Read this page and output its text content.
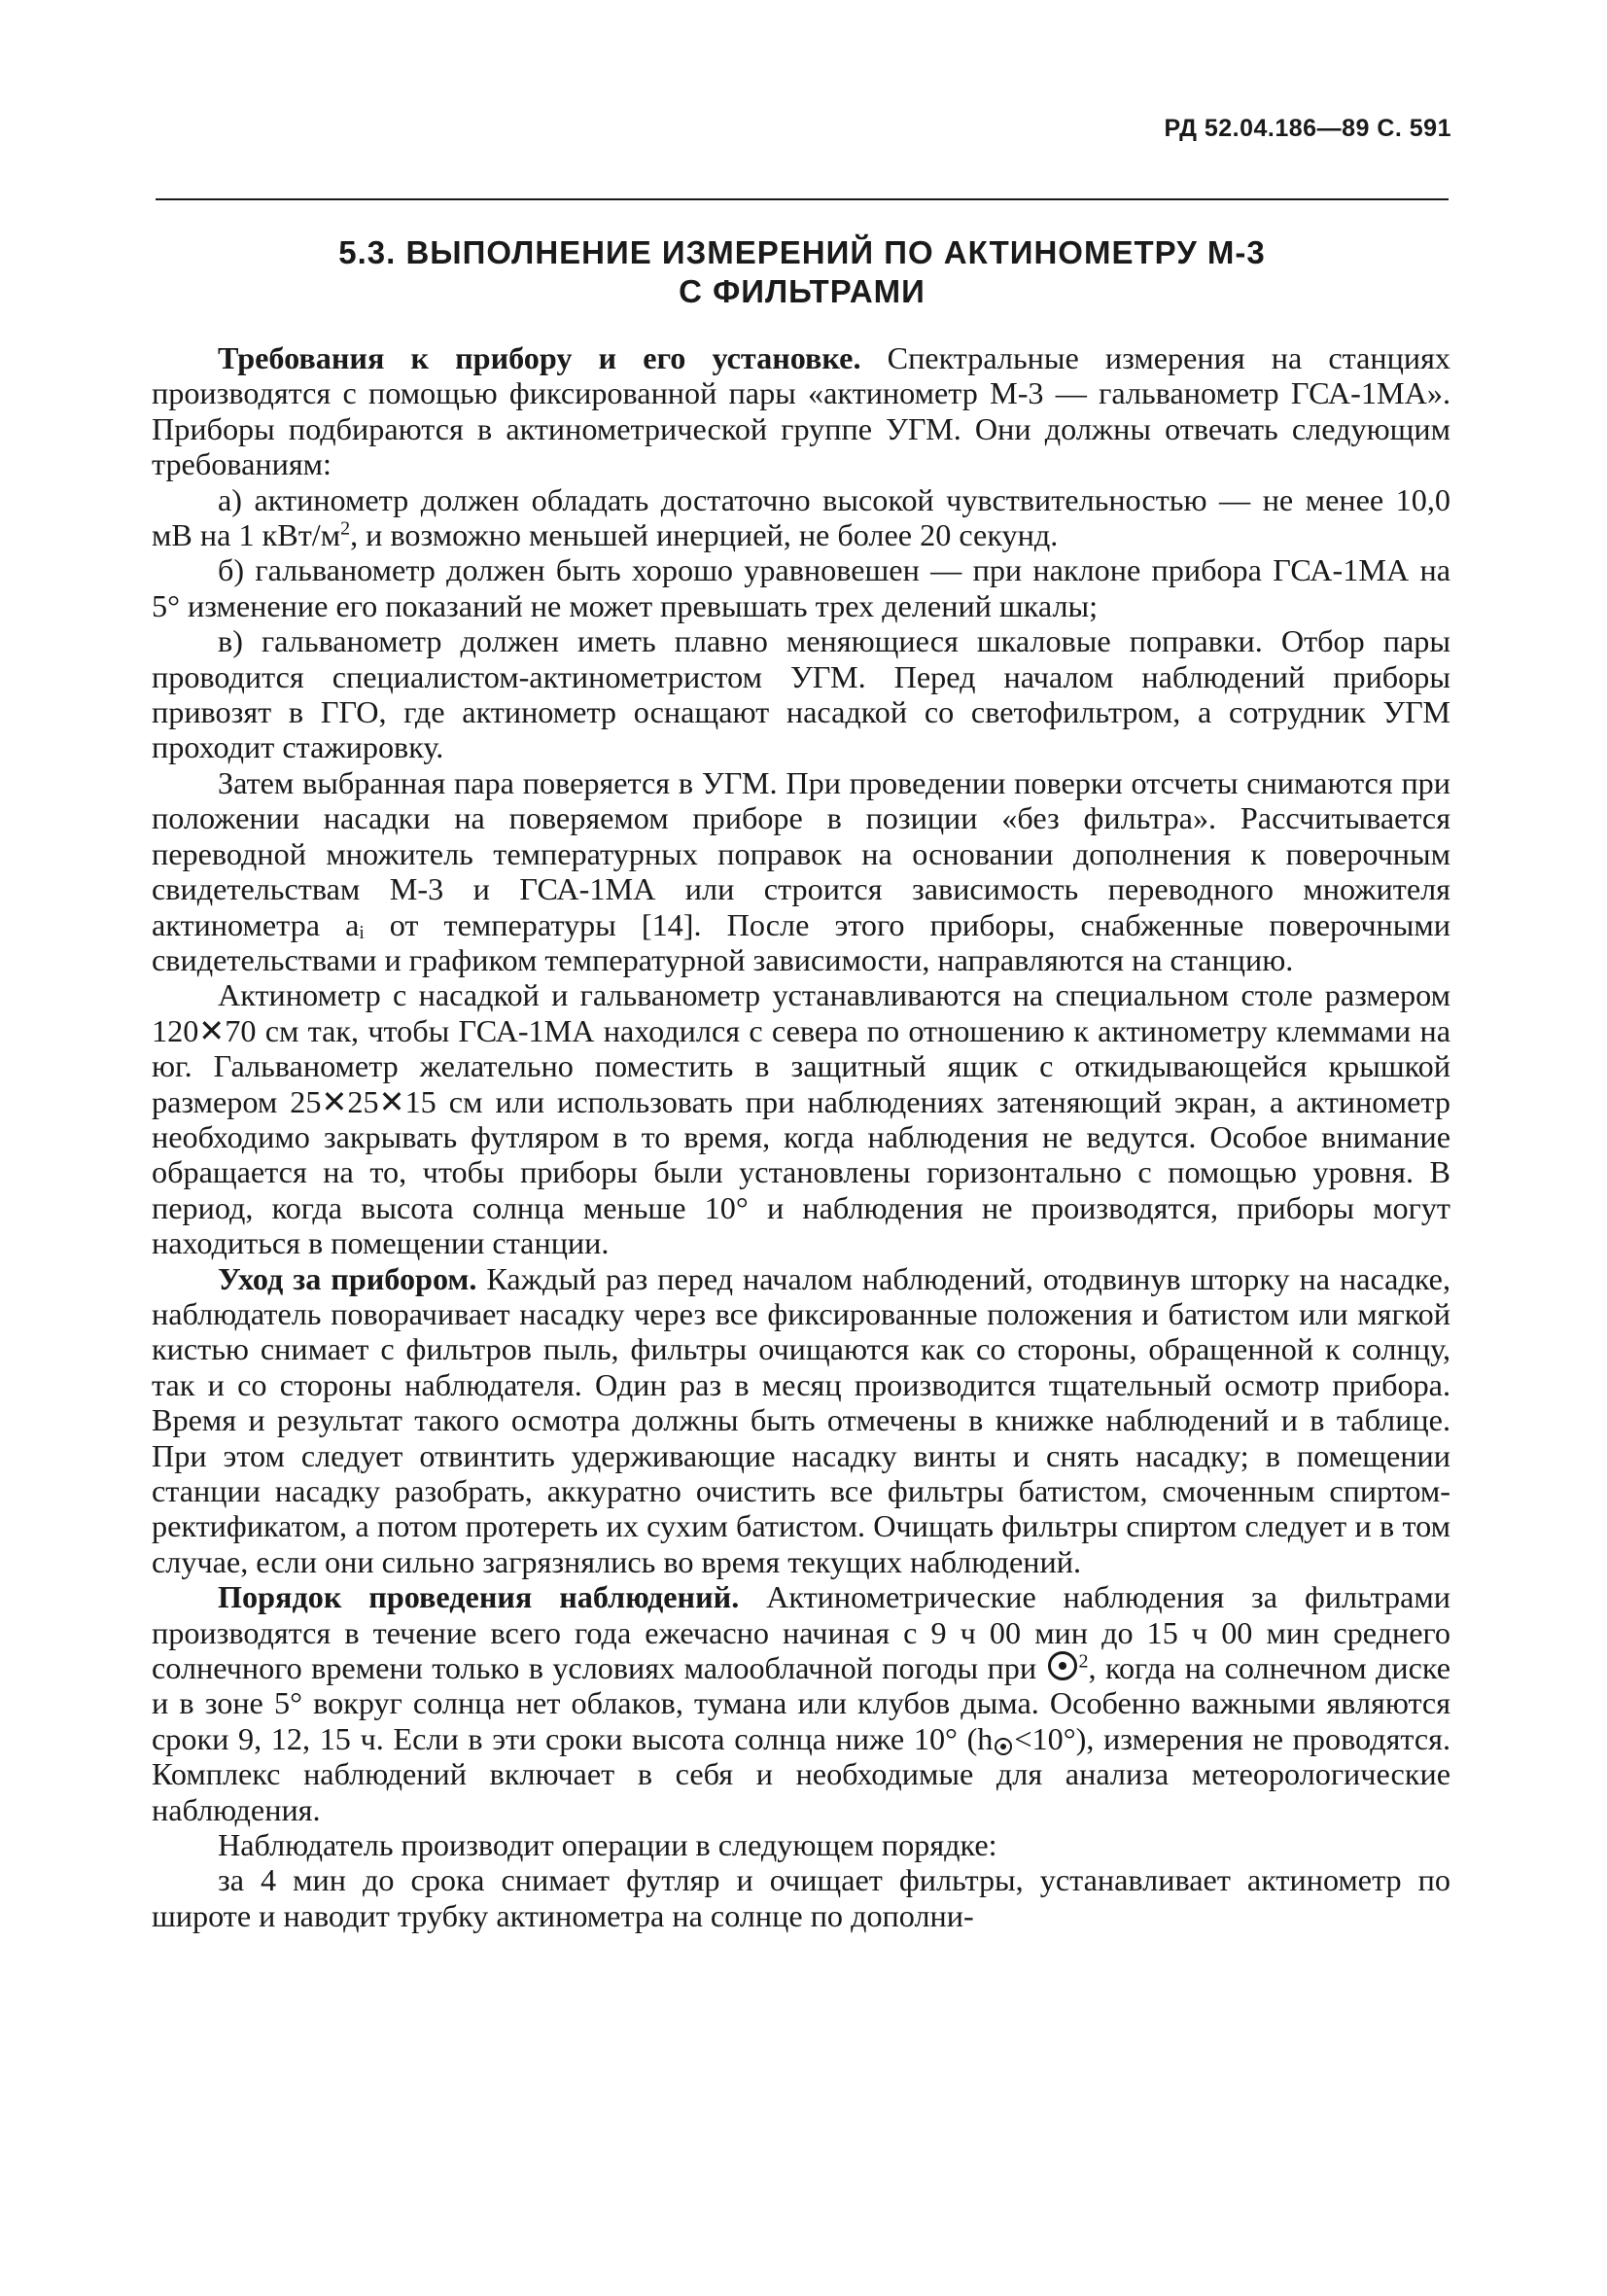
РД 52.04.186—89 С. 591
5.3. ВЫПОЛНЕНИЕ ИЗМЕРЕНИЙ ПО АКТИНОМЕТРУ М-3
С ФИЛЬТРАМИ

Требования к прибору и его установке. Спектральные измерения на станциях производятся с помощью фиксированной пары «актинометр М-3 — гальванометр ГСА-1МА». Приборы подбираются в актинометрической группе УГМ. Они должны отвечать следующим требованиям:

а) актинометр должен обладать достаточно высокой чувствительностью — не менее 10,0 мВ на 1 кВт/$м^2$, и возможно меньшей инерцией, не более 20 секунд.

б) гальванометр должен быть хорошо уравновешен — при наклоне прибора ГСА-1МА на 5° изменение его показаний не может превышать трех делений шкалы;

в) гальванометр должен иметь плавно меняющиеся шкаловые поправки. Отбор пары проводится специалистом-актинометристом УГМ. Перед началом наблюдений приборы привозят в ГГО, где актинометр оснащают насадкой со светофильтром, а сотрудник УГМ проходит стажировку.

Затем выбранная пара поверяется в УГМ. При проведении поверки отсчеты снимаются при положении насадки на поверяемом приборе в позиции «без фильтра». Рассчитывается переводной множитель температурных поправок на основании дополнения к поверочным свидетельствам М-3 и ГСА-1МА или строится зависимость переводного множителя актинометра aᵢ от температуры [14]. После этого приборы, снабженные поверочными свидетельствами и графиком температурной зависимости, направляются на станцию.

Актинометр с насадкой и гальванометр устанавливаются на специальном столе размером 120✕70 см так, чтобы ГСА-1МА находился с севера по отношению к актинометру клеммами на юг. Гальванометр желательно поместить в защитный ящик с откидывающейся крышкой размером 25✕25✕15 см или использовать при наблюдениях затеняющий экран, а актинометр необходимо закрывать футляром в то время, когда наблюдения не ведутся. Особое внимание обращается на то, чтобы приборы были установлены горизонтально с помощью уровня. В период, когда высота солнца меньше 10° и наблюдения не производятся, приборы могут находиться в помещении станции.

Уход за прибором. Каждый раз перед началом наблюдений, отодвинув шторку на насадке, наблюдатель поворачивает насадку через все фиксированные положения и батистом или мягкой кистью снимает с фильтров пыль, фильтры очищаются как со стороны, обращенной к солнцу, так и со стороны наблюдателя. Один раз в месяц производится тщательный осмотр прибора. Время и результат такого осмотра должны быть отмечены в книжке наблюдений и в таблице. При этом следует отвинтить удерживающие насадку винты и снять насадку; в помещении станции насадку разобрать, аккуратно очистить все фильтры батистом, смоченным спиртом-ректификатом, а потом протереть их сухим батистом. Очищать фильтры спиртом следует и в том случае, если они сильно загрязнялись во время текущих наблюдений.

Порядок проведения наблюдений. Актинометрические наблюдения за фильтрами производятся в течение всего года ежечасно начиная с 9 ч 00 мин до 15 ч 00 мин среднего солнечного времени только в условиях малооблачной погоды при $^2$, когда на солнечном диске и в зоне 5° вокруг солнца нет облаков, тумана или клубов дыма. Особенно важными являются сроки 9, 12, 15 ч. Если в эти сроки высота солнца ниже 10° (h <10°), измерения не проводятся. Комплекс наблюдений включает в себя и необходимые для анализа метеорологические наблюдения.

Наблюдатель производит операции в следующем порядке:

за 4 мин до срока снимает футляр и очищает фильтры, устанавливает актинометр по широте и наводит трубку актинометра на солнце по дополни-
